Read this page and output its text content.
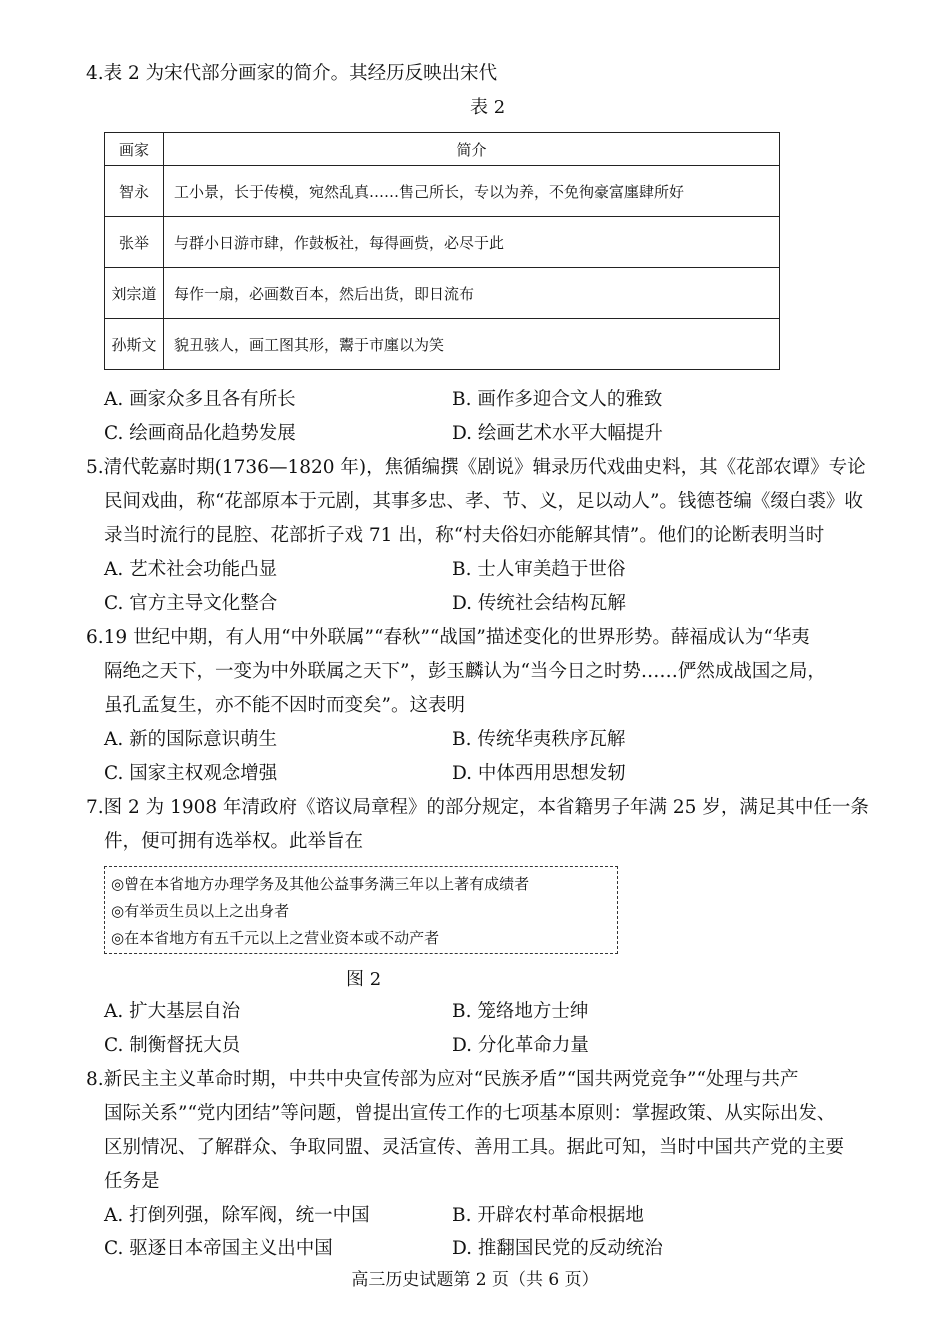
4.表 2 为宋代部分画家的简介。其经历反映出宋代
表 2
画家	简介
智永	工小景，长于传模，宛然乱真……售己所长，专以为养，不免徇豪富廛肆所好
张举	与群小日游市肆，作鼓板社，每得画赀，必尽于此
刘宗道	每作一扇，必画数百本，然后出货，即日流布
孙斯文	貌丑骇人，画工图其形，鬻于市廛以为笑
A. 画家众多且各有所长	B. 画作多迎合文人的雅致
C. 绘画商品化趋势发展	D. 绘画艺术水平大幅提升
5.清代乾嘉时期(1736—1820 年)，焦循编撰《剧说》辑录历代戏曲史料，其《花部农谭》专论
民间戏曲，称“花部原本于元剧，其事多忠、孝、节、义，足以动人”。钱德苍编《缀白裘》收
录当时流行的昆腔、花部折子戏 71 出，称“村夫俗妇亦能解其情”。他们的论断表明当时
A. 艺术社会功能凸显	B. 士人审美趋于世俗
C. 官方主导文化整合	D. 传统社会结构瓦解
6.19 世纪中期，有人用“中外联属”“春秋”“战国”描述变化的世界形势。薛福成认为“华夷
隔绝之天下，一变为中外联属之天下”，彭玉麟认为“当今日之时势……俨然成战国之局，
虽孔孟复生，亦不能不因时而变矣”。这表明
A. 新的国际意识萌生	B. 传统华夷秩序瓦解
C. 国家主权观念增强	D. 中体西用思想发轫
7.图 2 为 1908 年清政府《谘议局章程》的部分规定，本省籍男子年满 25 岁，满足其中任一条
件，便可拥有选举权。此举旨在
◎曾在本省地方办理学务及其他公益事务满三年以上著有成绩者
◎有举贡生员以上之出身者
◎在本省地方有五千元以上之营业资本或不动产者
图 2
A. 扩大基层自治	B. 笼络地方士绅
C. 制衡督抚大员	D. 分化革命力量
8.新民主主义革命时期，中共中央宣传部为应对“民族矛盾”“国共两党竞争”“处理与共产
国际关系”“党内团结”等问题，曾提出宣传工作的七项基本原则：掌握政策、从实际出发、
区别情况、了解群众、争取同盟、灵活宣传、善用工具。据此可知，当时中国共产党的主要
任务是
A. 打倒列强，除军阀，统一中国	B. 开辟农村革命根据地
C. 驱逐日本帝国主义出中国	D. 推翻国民党的反动统治
高三历史试题第 2 页（共 6 页）
